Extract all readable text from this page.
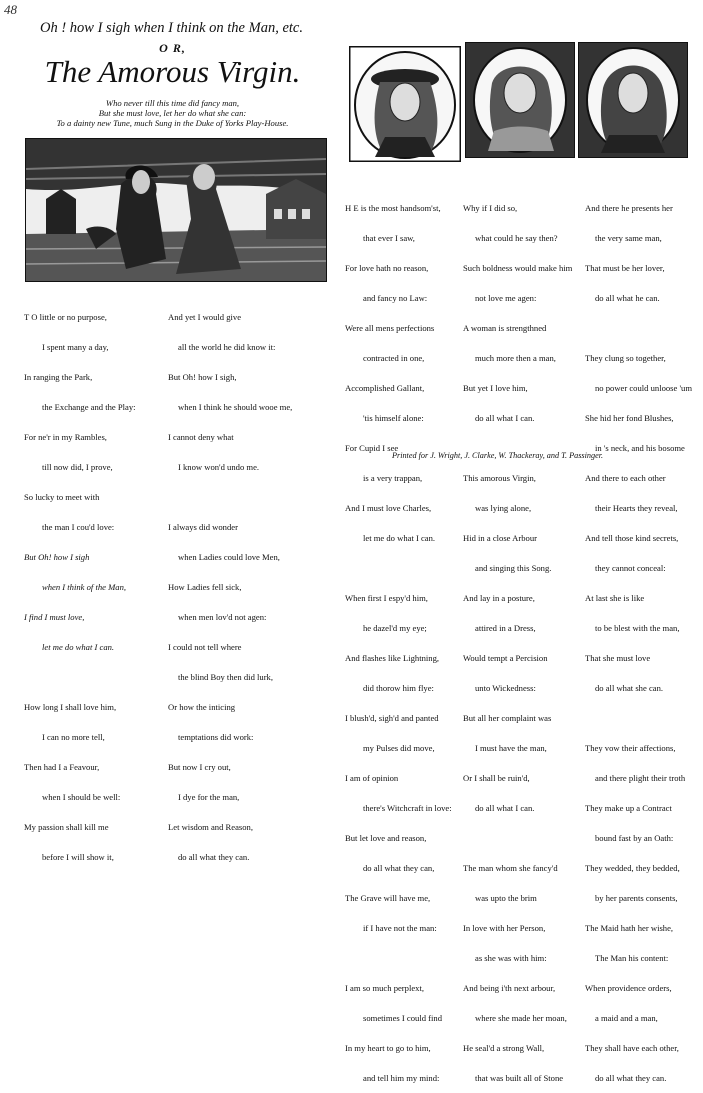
48
Oh ! how I sigh when I think on the Man, etc.
O R,
The Amorous Virgin.
Who never till this time did fancy man,
But she must love, let her do what she can:
To a dainty new Tune, much Sung in the Duke of Yorks Play-House.

T O little or no purpose,

I spent many a day,

In ranging the Park,

the Exchange and the Play:

For ne'r in my Rambles,

till now did, I prove,

So lucky to meet with

the man I cou'd love:

But Oh! how I sigh

when I think of the Man,

I find I must love,

let me do what I can.

How long I shall love him,

I can no more tell,

Then had I a Feavour,

when I should be well:

My passion shall kill me

before I will show it,

And yet I would give

all the world he did know it:

But Oh! how I sigh,

when I think he should wooe me,

I cannot deny what

I know won'd undo me.

I always did wonder

when Ladies could love Men,

How Ladies fell sick,

when men lov'd not agen:

I could not tell where

the blind Boy then did lurk,

Or how the inticing

temptations did work:

But now I cry out,

I dye for the man,

Let wisdom and Reason,

do all what they can.

H E is the most handsom'st,

that ever I saw,

For love hath no reason,

and fancy no Law:

Were all mens perfections

contracted in one,

Accomplished Gallant,

'tis himself alone:

For Cupid I see

is a very trappan,

And I must love Charles,

let me do what I can.

When first I espy'd him,

he dazel'd my eye;

And flashes like Lightning,

did thorow him flye:

I blush'd, sigh'd and panted

my Pulses did move,

I am of opinion

there's Witchcraft in love:

But let love and reason,

do all what they can,

The Grave will have me,

if I have not the man:

I am so much perplext,

sometimes I could find

In my heart to go to him,

and tell him my mind:

Why if I did so,

what could he say then?

Such boldness would make him

not love me agen:

A woman is strengthned

much more then a man,

But yet I love him,

do all what I can.

This amorous Virgin,

was lying alone,

Hid in a close Arbour

and singing this Song.

And lay in a posture,

attired in a Dress,

Would tempt a Percision

unto Wickedness:

But all her complaint was

I must have the man,

Or I shall be ruin'd,

do all what I can.

The man whom she fancy'd

was upto the brim

In love with her Person,

as she was with him:

And being i'th next arbour,

where she made her moan,

He seal'd a strong Wall,

that was built all of Stone

And there he presents her

the very same man,

That must be her lover,

do all what he can.

They clung so together,

no power could unloose 'um

She hid her fond Blushes,

in 's neck, and his bosome

And there to each other

their Hearts they reveal,

And tell those kind secrets,

they cannot conceal:

At last she is like

to be blest with the man,

That she must love

do all what she can.

They vow their affections,

and there plight their troth

They make up a Contract

bound fast by an Oath:

They wedded, they bedded,

by her parents consents,

The Maid hath her wishe,

The Man his content:

When providence orders,

a maid and a man,

They shall have each other,

do all what they can.

Printed for J. Wright, J. Clarke, W. Thackeray, and T. Passinger.
